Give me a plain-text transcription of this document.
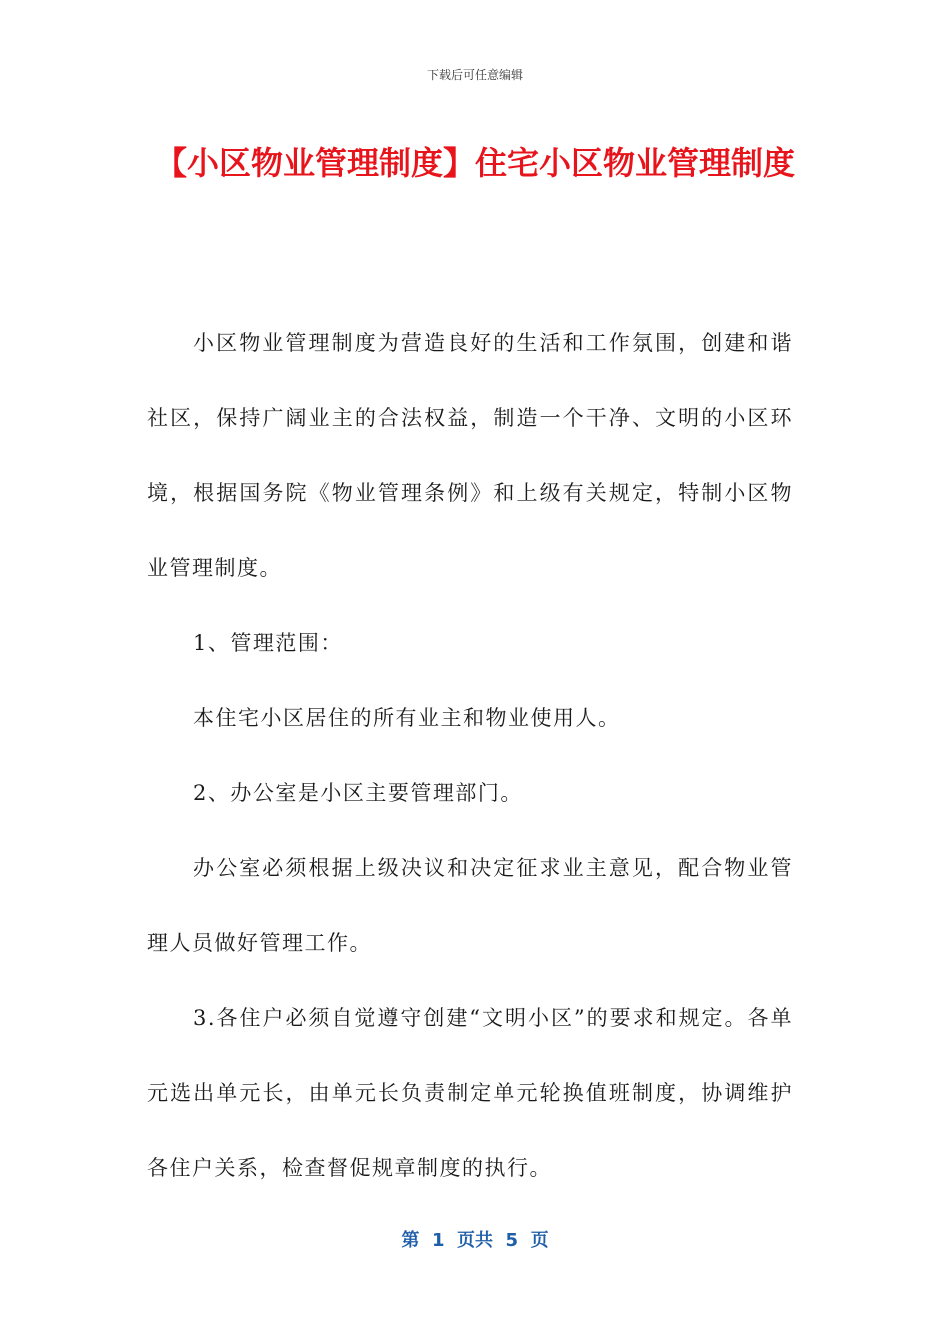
下载后可任意编辑
【小区物业管理制度】住宅小区物业管理制度

小区物业管理制度为营造良好的生活和工作氛围，创建和谐社区，保持广阔业主的合法权益，制造一个干净、文明的小区环境，根据国务院《物业管理条例》和上级有关规定，特制小区物业管理制度。

1、管理范围：

本住宅小区居住的所有业主和物业使用人。

2、办公室是小区主要管理部门。

办公室必须根据上级决议和决定征求业主意见，配合物业管理人员做好管理工作。

3.各住户必须自觉遵守创建“文明小区”的要求和规定。各单元选出单元长，由单元长负责制定单元轮换值班制度，协调维护各住户关系，检查督促规章制度的执行。

第  1  页共  5  页
